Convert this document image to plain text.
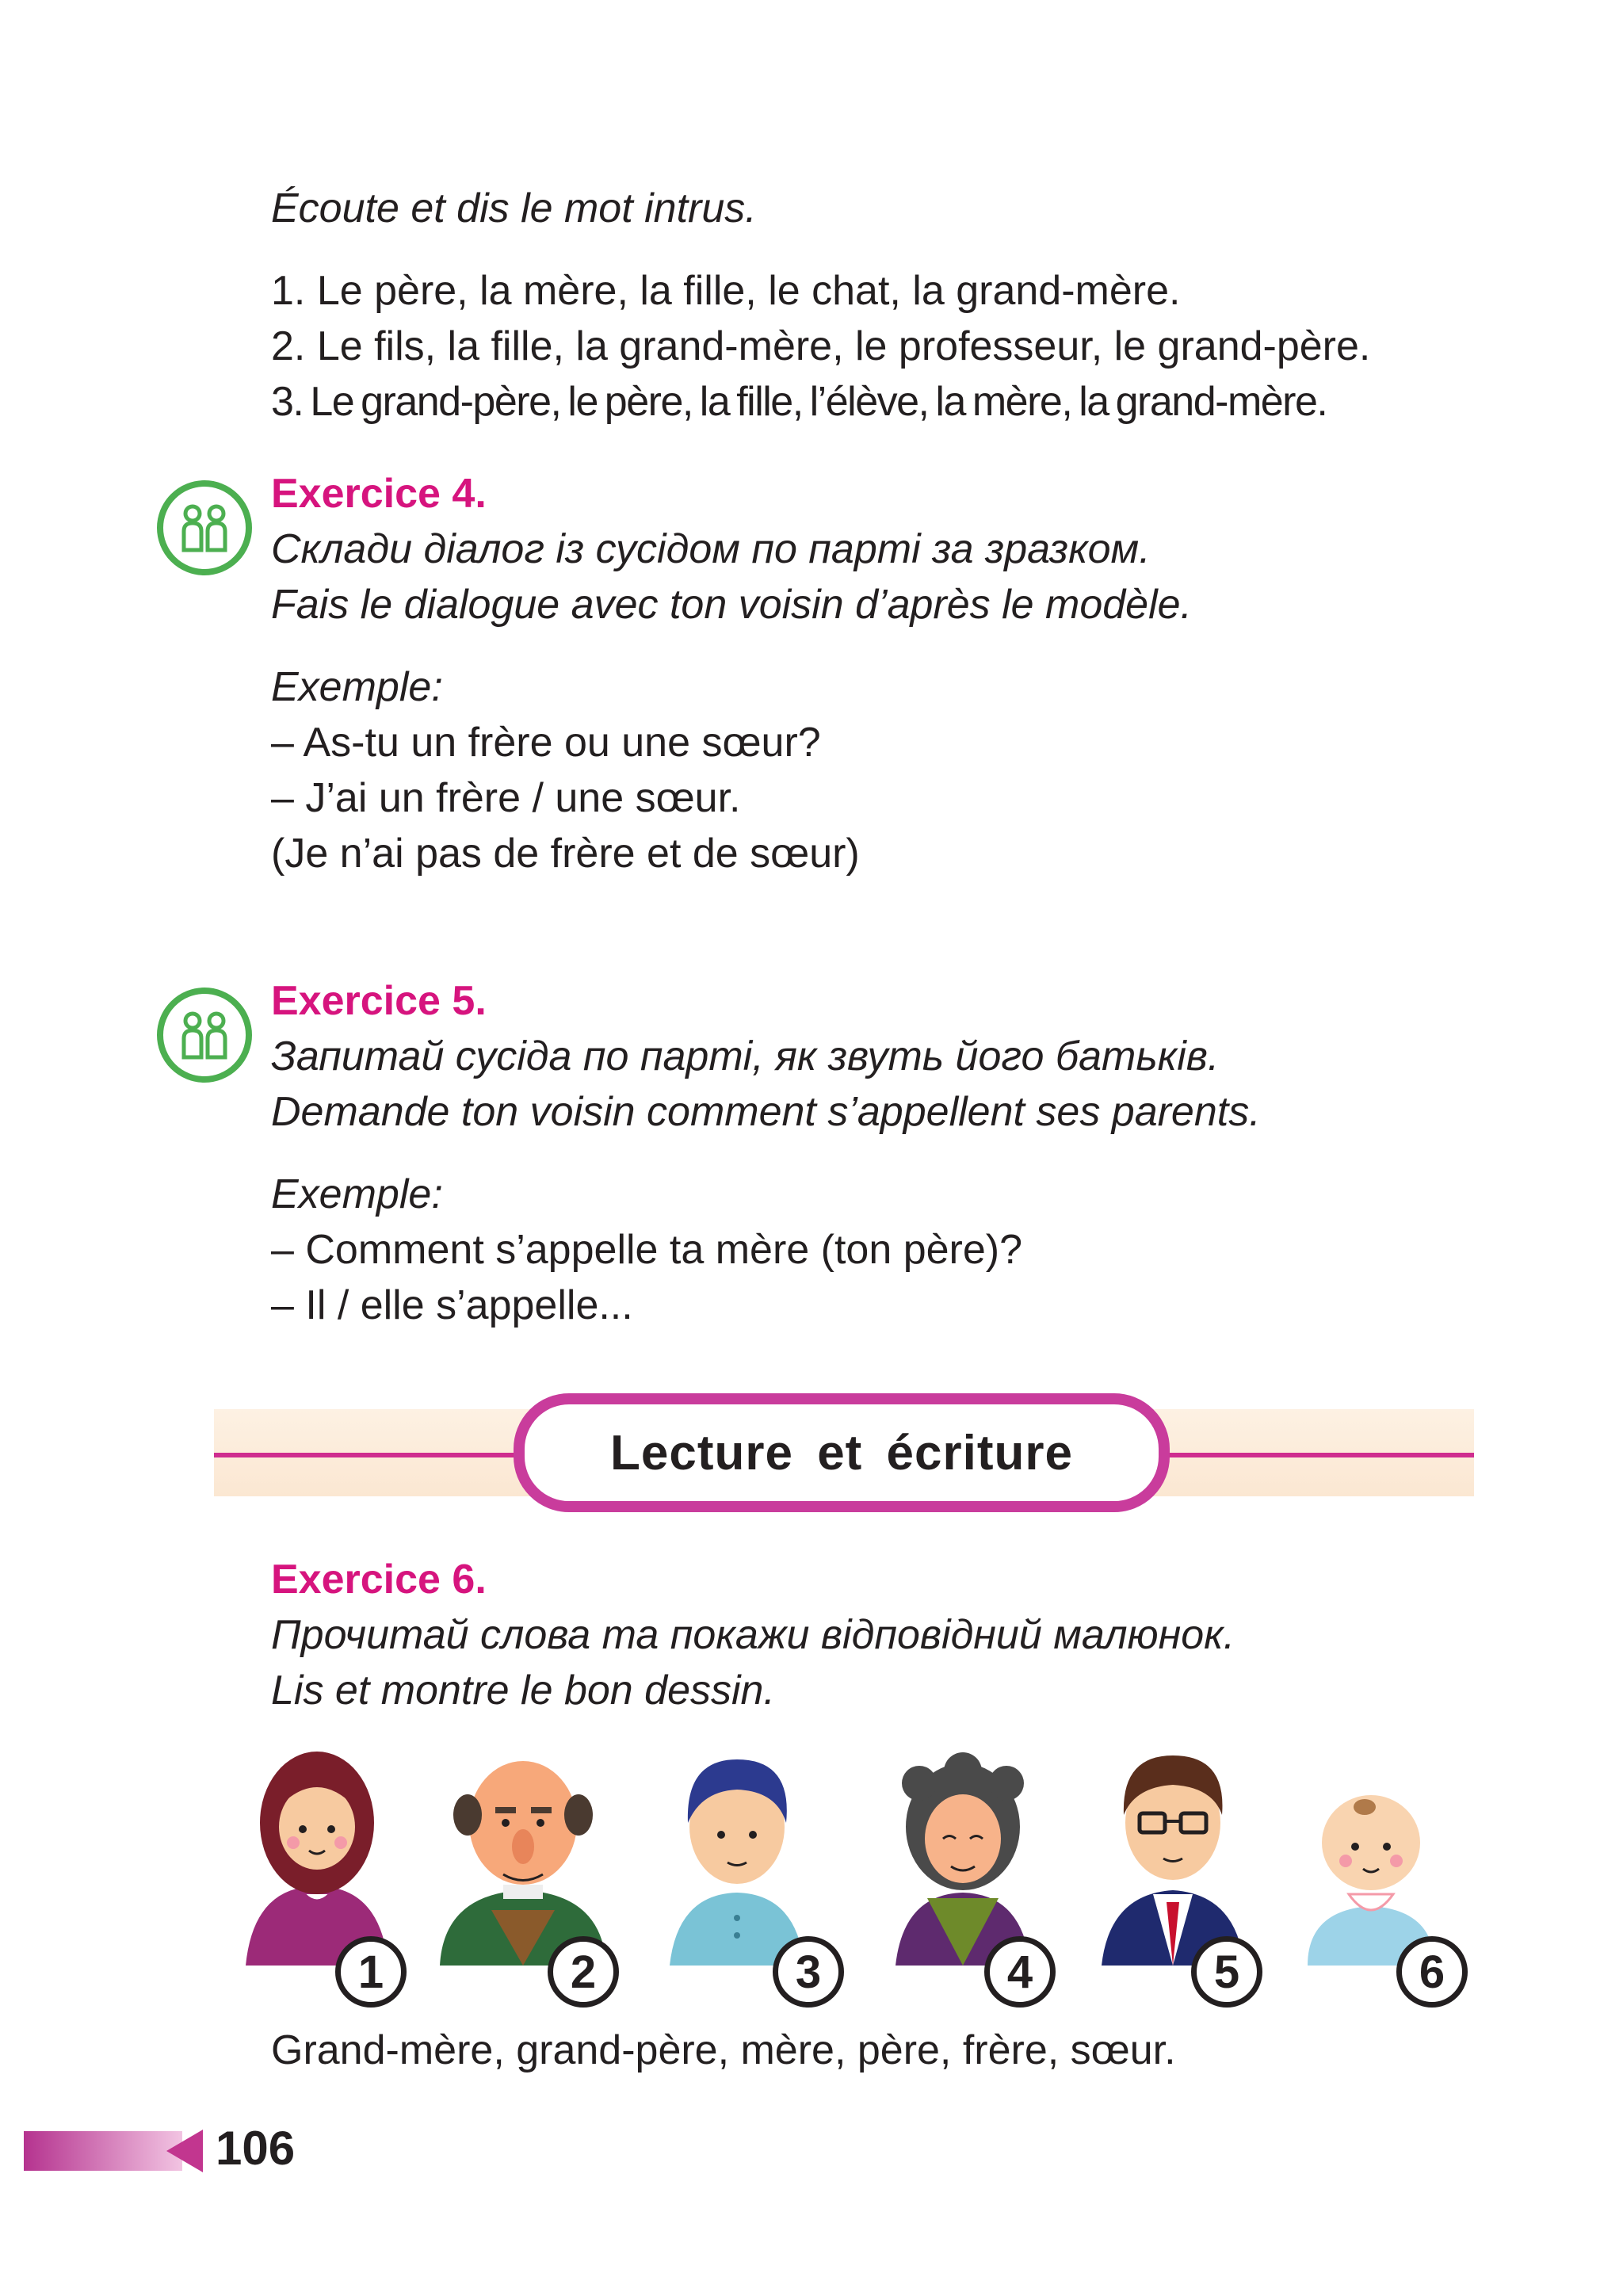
Écoute et dis le mot intrus.
1. Le père, la mère, la fille, le chat, la grand-mère.
2. Le fils, la fille, la grand-mère, le professeur, le grand-père.
3. Le grand-père, le père, la fille, l’élève, la mère, la grand-mère.
Exercice 4.
Склади діалог із сусідом по парті за зразком.
Fais le dialogue avec ton voisin d’après le modèle.
Exemple:
– As-tu un frère ou une sœur?
– J’ai un frère / une sœur.
(Je n’ai pas de frère et de sœur)
Exercice 5.
Запитай сусіда по парті, як звуть його батьків.
Demande ton voisin comment s’appellent ses parents.
Exemple:
– Comment s’appelle ta mère (ton père)?
– Il / elle s’appelle...
Lecture et écriture
Exercice 6.
Прочитай слова та покажи відповідний малюнок.
Lis et montre le bon dessin.
1	2	3	4	5	6
Grand-mère, grand-père, mère, père, frère, sœur.
106
